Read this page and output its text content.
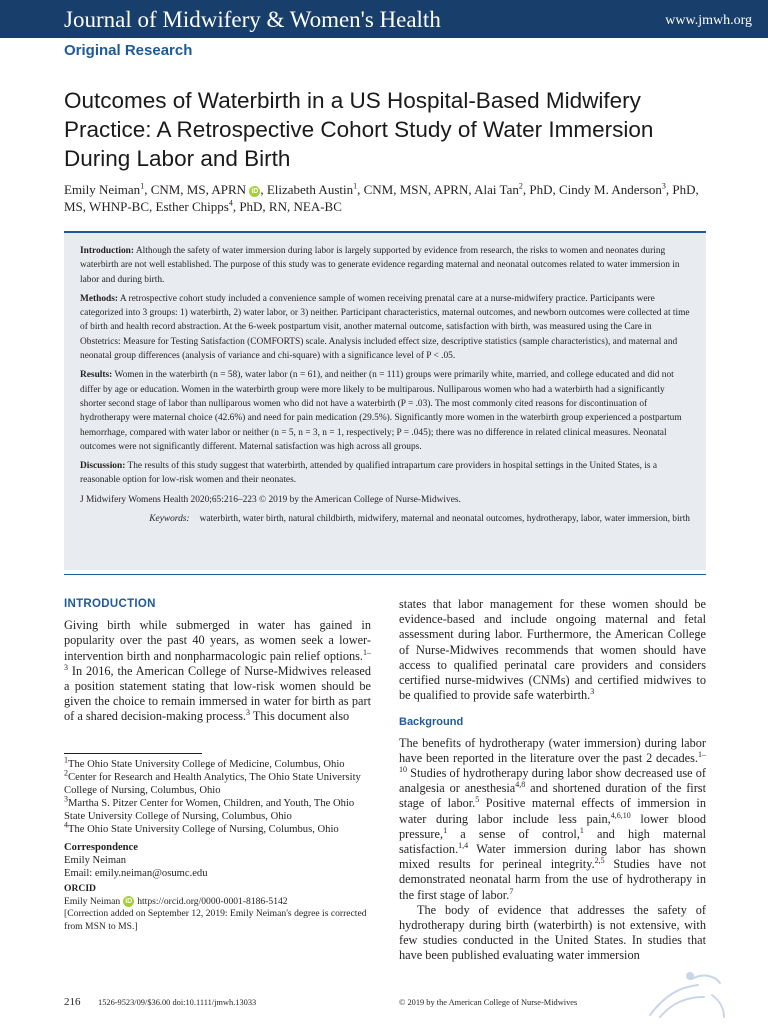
Journal of Midwifery & Women's Health	www.jmwh.org
Original Research
Outcomes of Waterbirth in a US Hospital-Based Midwifery Practice: A Retrospective Cohort Study of Water Immersion During Labor and Birth
Emily Neiman$^1$, CNM, MS, APRN iD , Elizabeth Austin$^1$, CNM, MSN, APRN, Alai Tan$^2$, PhD, Cindy M. Anderson$^3$, PhD, MS, WHNP-BC, Esther Chipps$^4$, PhD, RN, NEA-BC

Introduction: Although the safety of water immersion during labor is largely supported by evidence from research, the risks to women and neonates during waterbirth are not well established. The purpose of this study was to generate evidence regarding maternal and neonatal outcomes related to water immersion in labor and during birth.

Methods: A retrospective cohort study included a convenience sample of women receiving prenatal care at a nurse-midwifery practice. Participants were categorized into 3 groups: 1) waterbirth, 2) water labor, or 3) neither. Participant characteristics, maternal outcomes, and newborn outcomes were collected at time of birth and health record abstraction. At the 6-week postpartum visit, another maternal outcome, satisfaction with birth, was measured using the Care in Obstetrics: Measure for Testing Satisfaction (COMFORTS) scale. Analysis included effect size, descriptive statistics (sample characteristics), and maternal and neonatal group differences (analysis of variance and chi-square) with a significance level of P < .05.

Results: Women in the waterbirth (n = 58), water labor (n = 61), and neither (n = 111) groups were primarily white, married, and college educated and did not differ by age or education. Women in the waterbirth group were more likely to be multiparous. Nulliparous women who had a waterbirth had a significantly shorter second stage of labor than nulliparous women who did not have a waterbirth (P = .03). The most commonly cited reasons for discontinuation of hydrotherapy were maternal choice (42.6%) and need for pain medication (29.5%). Significantly more women in the waterbirth group experienced a postpartum hemorrhage, compared with water labor or neither (n = 5, n = 3, n = 1, respectively; P = .045); there was no difference in related clinical measures. Neonatal outcomes were not significantly different. Maternal satisfaction was high across all groups.

Discussion: The results of this study suggest that waterbirth, attended by qualified intrapartum care providers in hospital settings in the United States, is a reasonable option for low-risk women and their neonates.

J Midwifery Womens Health 2020;65:216–223 © 2019 by the American College of Nurse-Midwives.

Keywords: waterbirth, water birth, natural childbirth, midwifery, maternal and neonatal outcomes, hydrotherapy, labor, water immersion, birth

INTRODUCTION

Giving birth while submerged in water has gained in popularity over the past 40 years, as women seek a lower-intervention birth and nonpharmacologic pain relief options.$^{1-3}$ In 2016, the American College of Nurse-Midwives released a position statement stating that low-risk women should be given the choice to remain immersed in water for birth as part of a shared decision-making process.$^3$ This document also

$^1$The Ohio State University College of Medicine, Columbus, Ohio
$^2$Center for Research and Health Analytics, The Ohio State University College of Nursing, Columbus, Ohio
$^3$Martha S. Pitzer Center for Women, Children, and Youth, The Ohio State University College of Nursing, Columbus, Ohio
$^4$The Ohio State University College of Nursing, Columbus, Ohio
Correspondence
Emily Neiman
Email: emily.neiman@osumc.edu
ORCID
Emily Neiman iD https://orcid.org/0000-0001-8186-5142
[Correction added on September 12, 2019: Emily Neiman's degree is corrected from MSN to MS.]

states that labor management for these women should be evidence-based and include ongoing maternal and fetal assessment during labor. Furthermore, the American College of Nurse-Midwives recommends that women should have access to qualified perinatal care providers and considers certified nurse-midwives (CNMs) and certified midwives to be qualified to provide safe waterbirth.$^3$

Background

The benefits of hydrotherapy (water immersion) during labor have been reported in the literature over the past 2 decades.$^{1-10}$ Studies of hydrotherapy during labor show decreased use of analgesia or anesthesia$^{4,8}$ and shortened duration of the first stage of labor.$^5$ Positive maternal effects of immersion in water during labor include less pain,$^{4,6,10}$ lower blood pressure,$^1$ a sense of control,$^1$ and high maternal satisfaction.$^{1,4}$ Water immersion during labor has shown mixed results for perineal integrity.$^{2,5}$ Studies have not demonstrated neonatal harm from the use of hydrotherapy in the first stage of labor.$^7$

The body of evidence that addresses the safety of hydrotherapy during birth (waterbirth) is not extensive, with few studies conducted in the United States. In studies that have been published evaluating water immersion

216 1526-9523/09/$36.00 doi:10.1111/jmwh.13033	© 2019 by the American College of Nurse-Midwives
